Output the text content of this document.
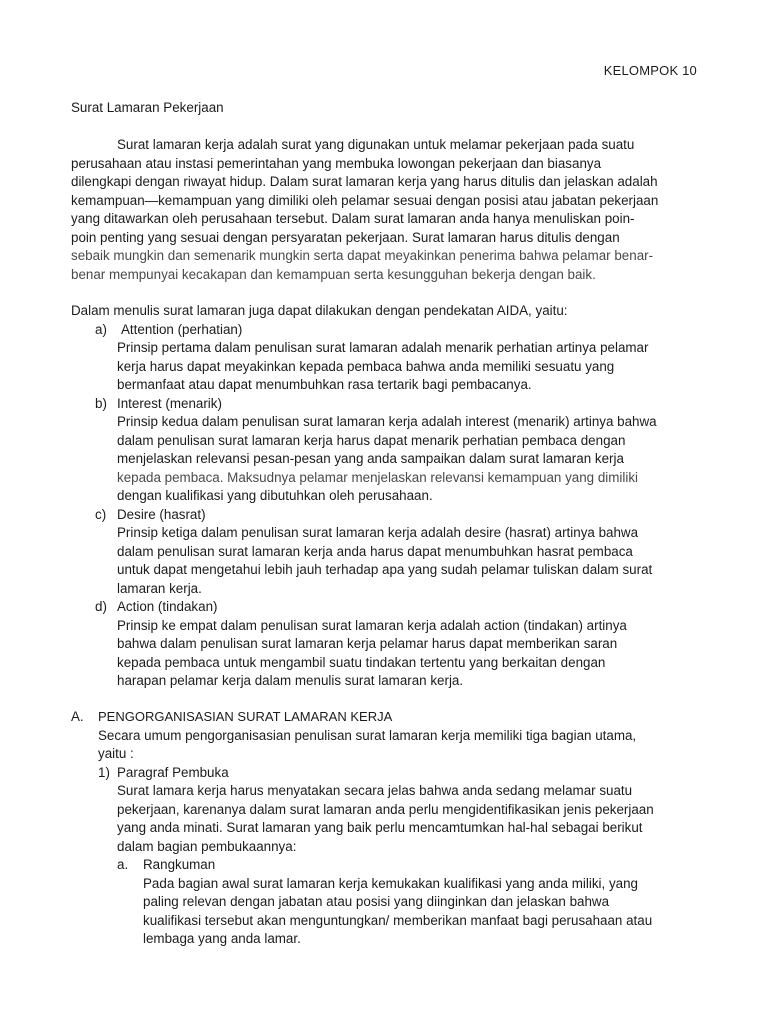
KELOMPOK 10
Surat Lamaran Pekerjaan
Surat lamaran kerja adalah surat yang digunakan untuk melamar pekerjaan pada suatu
perusahaan atau instasi pemerintahan yang membuka lowongan pekerjaan dan biasanya
dilengkapi dengan riwayat hidup. Dalam surat lamaran kerja yang harus ditulis dan jelaskan adalah
kemampuan—kemampuan yang dimiliki oleh pelamar sesuai dengan posisi atau jabatan pekerjaan
yang ditawarkan oleh perusahaan tersebut. Dalam surat lamaran anda hanya menuliskan poin-
poin penting yang sesuai dengan persyaratan pekerjaan. Surat lamaran harus ditulis dengan
sebaik mungkin dan semenarik mungkin serta dapat meyakinkan penerima bahwa pelamar benar-
benar mempunyai kecakapan dan kemampuan serta kesungguhan bekerja dengan baik.
Dalam menulis surat lamaran juga dapat dilakukan dengan pendekatan AIDA, yaitu:
a) Attention (perhatian)
Prinsip pertama dalam penulisan surat lamaran adalah menarik perhatian artinya pelamar
kerja harus dapat meyakinkan kepada pembaca bahwa anda memiliki sesuatu yang
bermanfaat atau dapat menumbuhkan rasa tertarik bagi pembacanya.
b) Interest (menarik)
Prinsip kedua dalam penulisan surat lamaran kerja adalah interest (menarik) artinya bahwa
dalam penulisan surat lamaran kerja harus dapat menarik perhatian pembaca dengan
menjelaskan relevansi pesan-pesan yang anda sampaikan dalam surat lamaran kerja
kepada pembaca. Maksudnya pelamar menjelaskan relevansi kemampuan yang dimiliki
dengan kualifikasi yang dibutuhkan oleh perusahaan.
c) Desire (hasrat)
Prinsip ketiga dalam penulisan surat lamaran kerja adalah desire (hasrat) artinya bahwa
dalam penulisan surat lamaran kerja anda harus dapat menumbuhkan hasrat pembaca
untuk dapat mengetahui lebih jauh terhadap apa yang sudah pelamar tuliskan dalam surat
lamaran kerja.
d) Action (tindakan)
Prinsip ke empat dalam penulisan surat lamaran kerja adalah action (tindakan) artinya
bahwa dalam penulisan surat lamaran kerja pelamar harus dapat memberikan saran
kepada pembaca untuk mengambil suatu tindakan tertentu yang berkaitan dengan
harapan pelamar kerja dalam menulis surat lamaran kerja.
A. PENGORGANISASIAN SURAT LAMARAN KERJA
Secara umum pengorganisasian penulisan surat lamaran kerja memiliki tiga bagian utama,
yaitu :
1) Paragraf Pembuka
Surat lamara kerja harus menyatakan secara jelas bahwa anda sedang melamar suatu
pekerjaan, karenanya dalam surat lamaran anda perlu mengidentifikasikan jenis pekerjaan
yang anda minati. Surat lamaran yang baik perlu mencamtumkan hal-hal sebagai berikut
dalam bagian pembukaannya:
a. Rangkuman
Pada bagian awal surat lamaran kerja kemukakan kualifikasi yang anda miliki, yang
paling relevan dengan jabatan atau posisi yang diinginkan dan jelaskan bahwa
kualifikasi tersebut akan menguntungkan/ memberikan manfaat bagi perusahaan atau
lembaga yang anda lamar.
